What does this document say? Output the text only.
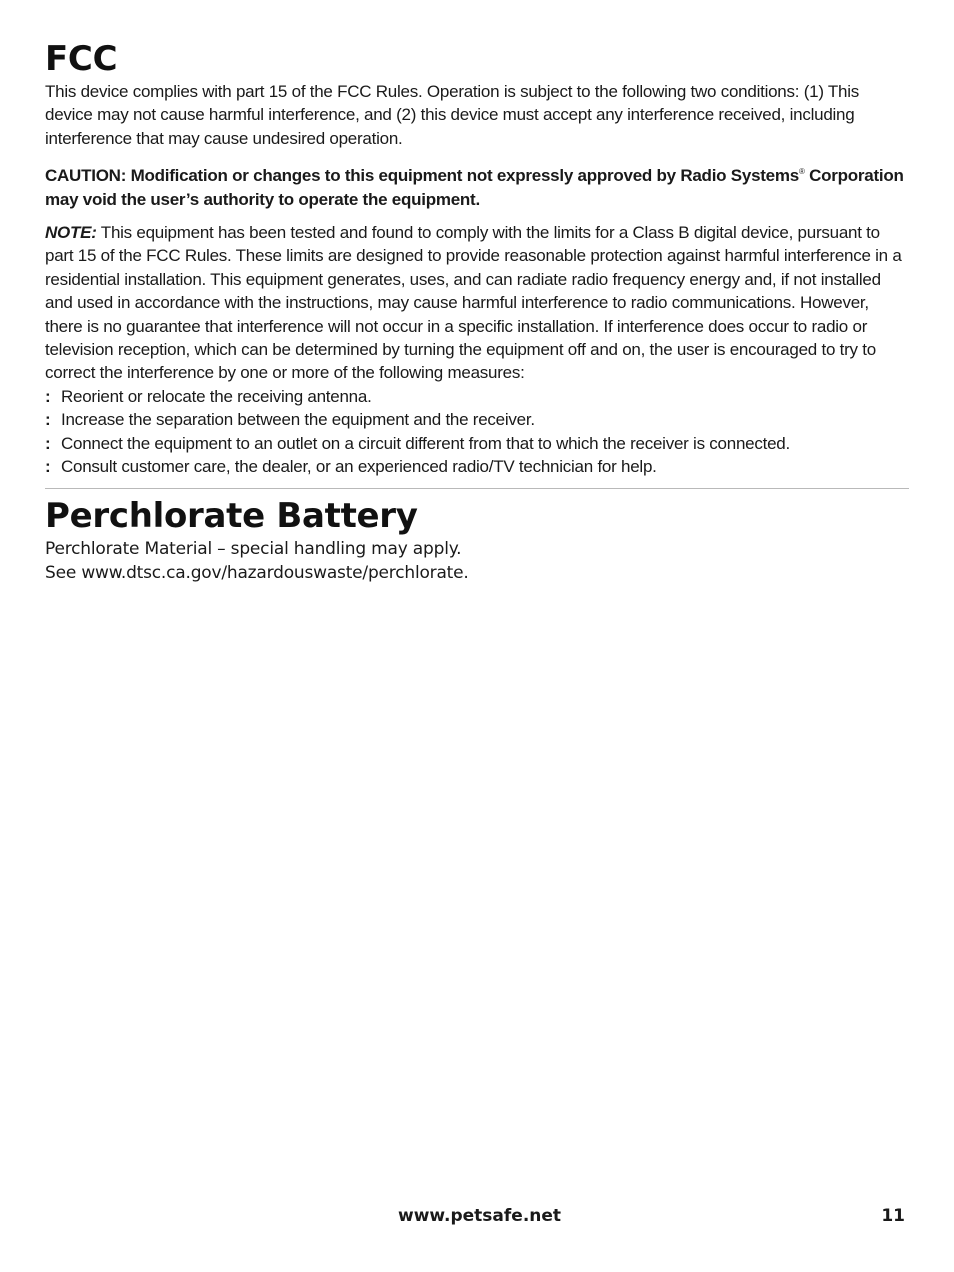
FCC

This device complies with part 15 of the FCC Rules. Operation is subject to the following two conditions: (1) This device may not cause harmful interference, and (2) this device must accept any interference received, including interference that may cause undesired operation.

CAUTION: Modification or changes to this equipment not expressly approved by Radio Systems® Corporation may void the user’s authority to operate the equipment.

NOTE: This equipment has been tested and found to comply with the limits for a Class B digital device, pursuant to part 15 of the FCC Rules. These limits are designed to provide reasonable protection against harmful interference in a residential installation. This equipment generates, uses, and can radiate radio frequency energy and, if not installed and used in accordance with the instructions, may cause harmful interference to radio communications. However, there is no guarantee that interference will not occur in a specific installation. If interference does occur to radio or television reception, which can be determined by turning the equipment off and on, the user is encouraged to try to correct the interference by one or more of the following measures:

: Reorient or relocate the receiving antenna.
: Increase the separation between the equipment and the receiver.
: Connect the equipment to an outlet on a circuit different from that to which the receiver is connected.
: Consult customer care, the dealer, or an experienced radio/TV technician for help.
Perchlorate Battery

Perchlorate Material – special handling may apply.

See www.dtsc.ca.gov/hazardouswaste/perchlorate.

www.petsafe.net	11
